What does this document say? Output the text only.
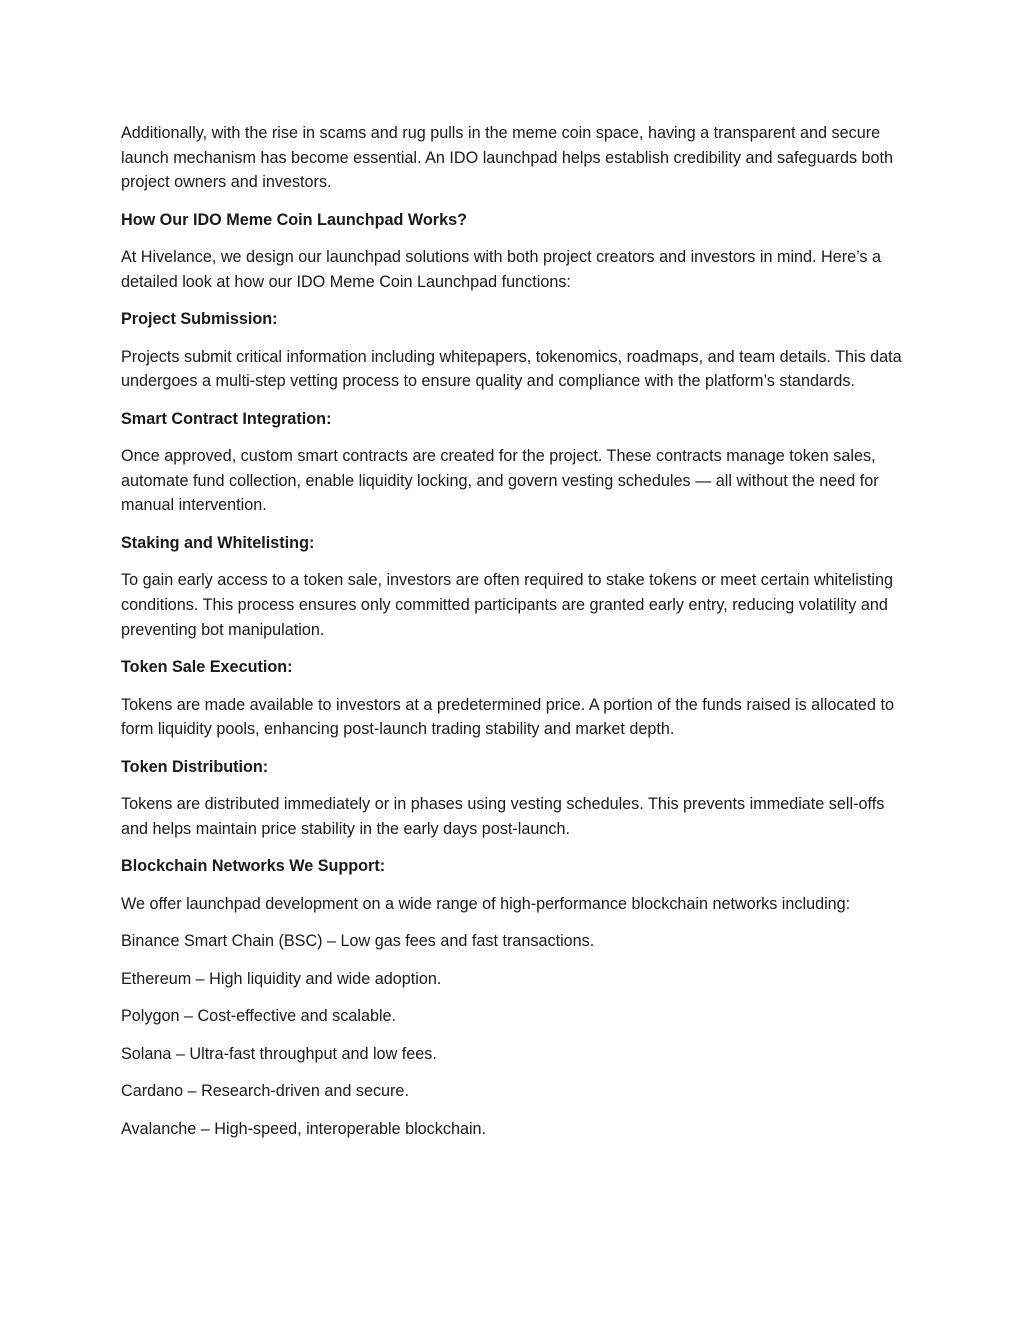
Additionally, with the rise in scams and rug pulls in the meme coin space, having a transparent and secure launch mechanism has become essential. An IDO launchpad helps establish credibility and safeguards both project owners and investors.

How Our IDO Meme Coin Launchpad Works?

At Hivelance, we design our launchpad solutions with both project creators and investors in mind. Here’s a detailed look at how our IDO Meme Coin Launchpad functions:

Project Submission:

Projects submit critical information including whitepapers, tokenomics, roadmaps, and team details. This data undergoes a multi-step vetting process to ensure quality and compliance with the platform’s standards.

Smart Contract Integration:

Once approved, custom smart contracts are created for the project. These contracts manage token sales, automate fund collection, enable liquidity locking, and govern vesting schedules — all without the need for manual intervention.

Staking and Whitelisting:

To gain early access to a token sale, investors are often required to stake tokens or meet certain whitelisting conditions. This process ensures only committed participants are granted early entry, reducing volatility and preventing bot manipulation.

Token Sale Execution:

Tokens are made available to investors at a predetermined price. A portion of the funds raised is allocated to form liquidity pools, enhancing post-launch trading stability and market depth.

Token Distribution:

Tokens are distributed immediately or in phases using vesting schedules. This prevents immediate sell-offs and helps maintain price stability in the early days post-launch.

Blockchain Networks We Support:

We offer launchpad development on a wide range of high-performance blockchain networks including:

Binance Smart Chain (BSC) – Low gas fees and fast transactions.

Ethereum – High liquidity and wide adoption.

Polygon – Cost-effective and scalable.

Solana – Ultra-fast throughput and low fees.

Cardano – Research-driven and secure.

Avalanche – High-speed, interoperable blockchain.
